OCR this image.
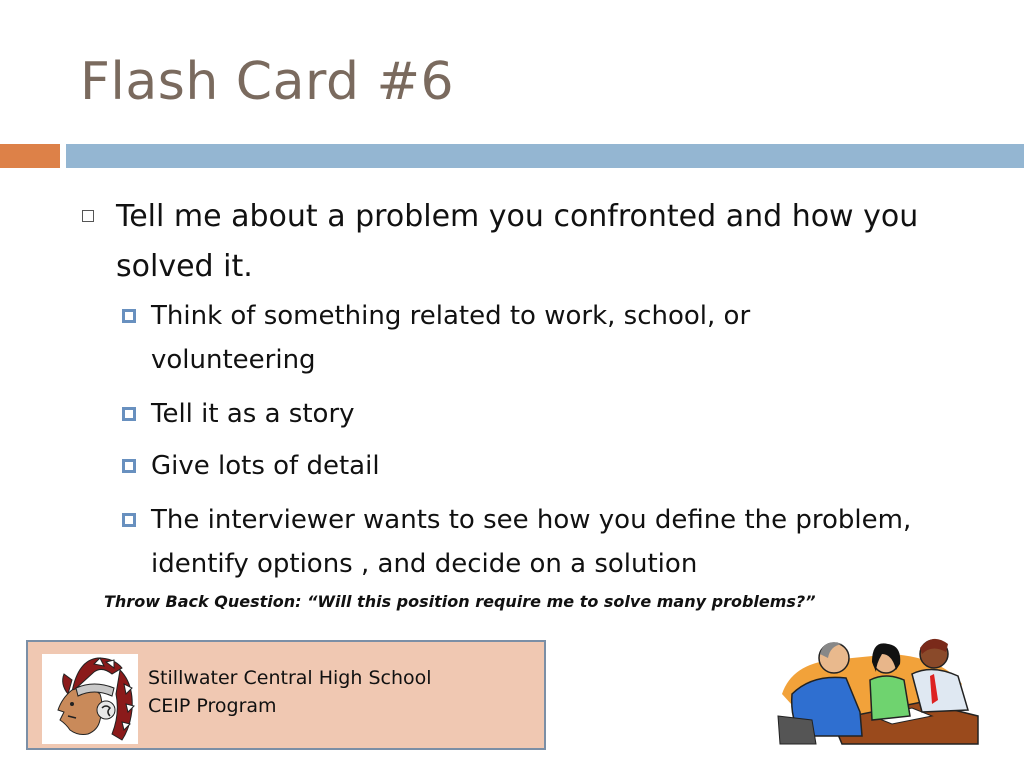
Flash Card #6
Tell me about a problem you confronted and how you solved it.
Think of something related to work, school, or volunteering
Tell it as a story
Give lots of detail
The interviewer wants to see how you define the problem, identify options , and decide on a solution
Throw Back Question: “Will this position require me to solve many problems?”
Stillwater Central High School
CEIP Program
